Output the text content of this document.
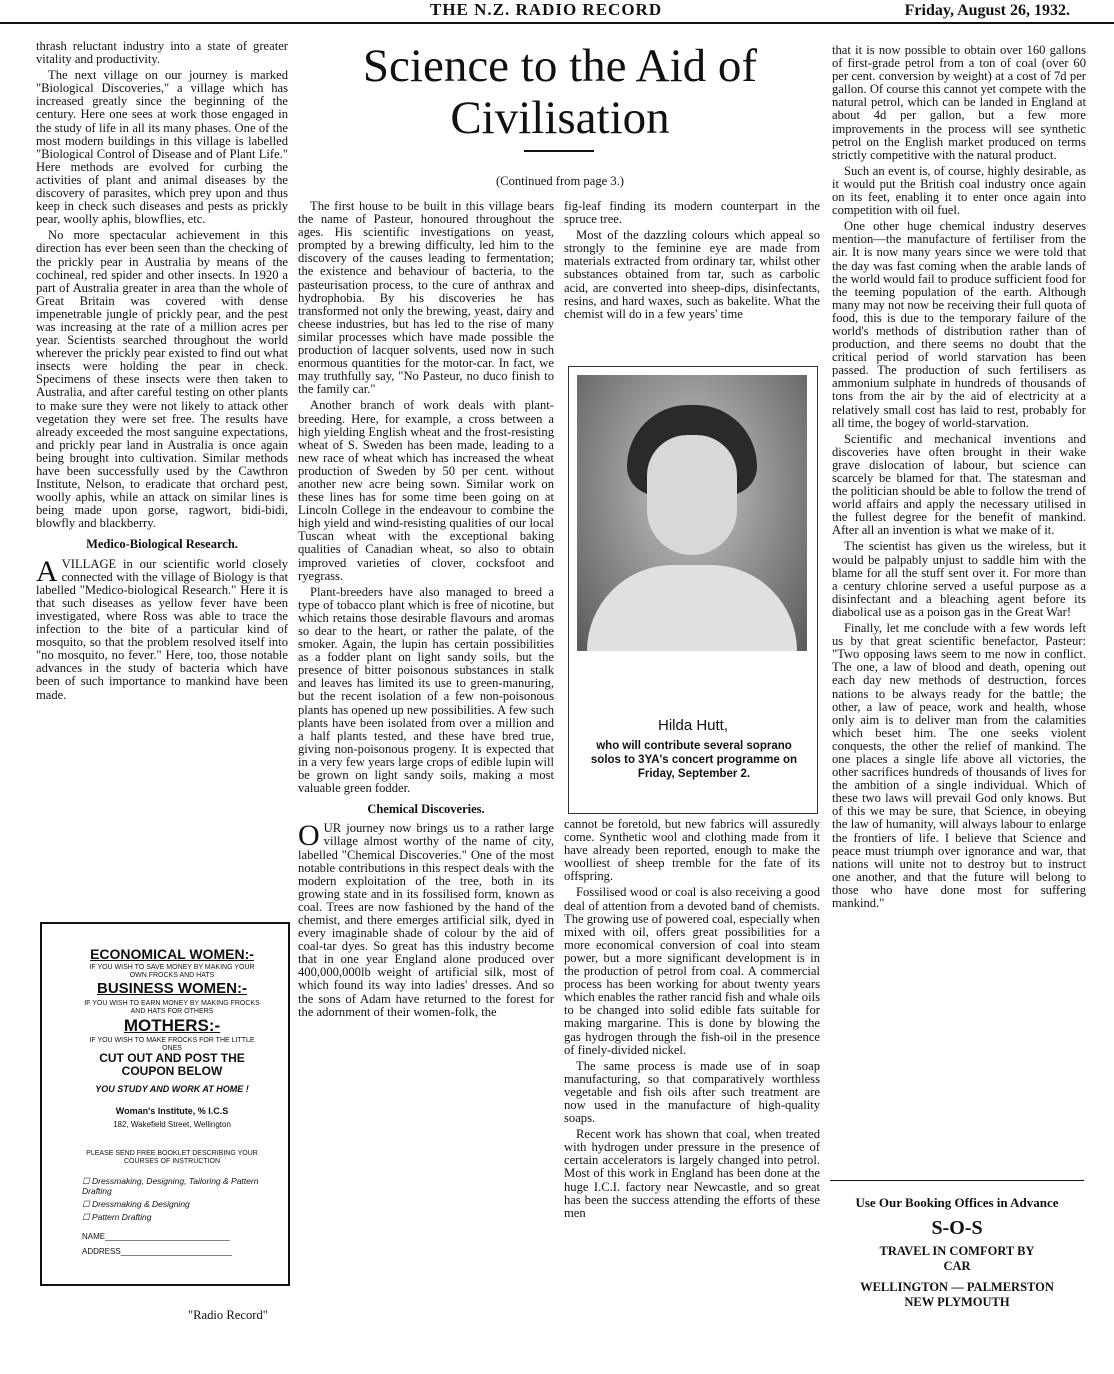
THE N.Z. RADIO RECORD	Friday, August 26, 1932.

thrash reluctant industry into a state of greater vitality and productivity.

The next village on our journey is marked "Biological Discoveries," a village which has increased greatly since the beginning of the century. Here one sees at work those engaged in the study of life in all its many phases. One of the most modern buildings in this village is labelled "Biological Control of Disease and of Plant Life." Here methods are evolved for curbing the activities of plant and animal diseases by the discovery of parasites, which prey upon and thus keep in check such diseases and pests as prickly pear, woolly aphis, blowflies, etc.

No more spectacular achievement in this direction has ever been seen than the checking of the prickly pear in Australia by means of the cochineal, red spider and other insects. In 1920 a part of Australia greater in area than the whole of Great Britain was covered with dense impenetrable jungle of prickly pear, and the pest was increasing at the rate of a million acres per year. Scientists searched throughout the world wherever the prickly pear existed to find out what insects were holding the pear in check. Specimens of these insects were then taken to Australia, and after careful testing on other plants to make sure they were not likely to attack other vegetation they were set free. The results have already exceeded the most sanguine expectations, and prickly pear land in Australia is once again being brought into cultivation. Similar methods have been successfully used by the Cawthron Institute, Nelson, to eradicate that orchard pest, woolly aphis, while an attack on similar lines is being made upon gorse, ragwort, bidi-bidi, blowfly and blackberry.

Medico-Biological Research.

AVILLAGE in our scientific world closely connected with the village of Biology is that labelled "Medico-biological Research." Here it is that such diseases as yellow fever have been investigated, where Ross was able to trace the infection to the bite of a particular kind of mosquito, so that the problem resolved itself into "no mosquito, no fever." Here, too, those notable advances in the study of bacteria which have been of such importance to mankind have been made.

ECONOMICAL WOMEN:-
IF YOU WISH TO SAVE MONEY BY MAKING YOUR OWN FROCKS AND HATS
BUSINESS WOMEN:-
IF YOU WISH TO EARN MONEY BY MAKING FROCKS AND HATS FOR OTHERS
MOTHERS:-
IF YOU WISH TO MAKE FROCKS FOR THE LITTLE ONES
CUT OUT AND POST THE COUPON BELOW
YOU STUDY AND WORK AT HOME !
Woman's Institute, % I.C.S
182, Wakefield Street, Wellington
PLEASE SEND FREE BOOKLET DESCRIBING YOUR COURSES OF INSTRUCTION
☐ Dressmaking, Designing, Tailoring & Pattern Drafting
☐ Dressmaking & Designing
☐ Pattern Drafting
NAME____________________________
ADDRESS_________________________
"Radio Record"
Science to the Aid of
Civilisation
(Continued from page 3.)

The first house to be built in this village bears the name of Pasteur, honoured throughout the ages. His scientific investigations on yeast, prompted by a brewing difficulty, led him to the discovery of the causes leading to fermentation; the existence and behaviour of bacteria, to the pasteurisation process, to the cure of anthrax and hydrophobia. By his discoveries he has transformed not only the brewing, yeast, dairy and cheese industries, but has led to the rise of many similar processes which have made possible the production of lacquer solvents, used now in such enormous quantities for the motor-car. In fact, we may truthfully say, "No Pasteur, no duco finish to the family car."

Another branch of work deals with plant-breeding. Here, for example, a cross between a high yielding English wheat and the frost-resisting wheat of S. Sweden has been made, leading to a new race of wheat which has increased the wheat production of Sweden by 50 per cent. without another new acre being sown. Similar work on these lines has for some time been going on at Lincoln College in the endeavour to combine the high yield and wind-resisting qualities of our local Tuscan wheat with the exceptional baking qualities of Canadian wheat, so also to obtain improved varieties of clover, cocksfoot and ryegrass.

Plant-breeders have also managed to breed a type of tobacco plant which is free of nicotine, but which retains those desirable flavours and aromas so dear to the heart, or rather the palate, of the smoker. Again, the lupin has certain possibilities as a fodder plant on light sandy soils, but the presence of bitter poisonous substances in stalk and leaves has limited its use to green-manuring, but the recent isolation of a few non-poisonous plants has opened up new possibilities. A few such plants have been isolated from over a million and a half plants tested, and these have bred true, giving non-poisonous progeny. It is expected that in a very few years large crops of edible lupin will be grown on light sandy soils, making a most valuable green fodder.

Chemical Discoveries.

OUR journey now brings us to a rather large village almost worthy of the name of city, labelled "Chemical Discoveries." One of the most notable contributions in this respect deals with the modern exploitation of the tree, both in its growing state and in its fossilised form, known as coal. Trees are now fashioned by the hand of the chemist, and there emerges artificial silk, dyed in every imaginable shade of colour by the aid of coal-tar dyes. So great has this industry become that in one year England alone produced over 400,000,000lb weight of artificial silk, most of which found its way into ladies' dresses. And so the sons of Adam have returned to the forest for the adornment of their women-folk, the

fig-leaf finding its modern counterpart in the spruce tree.

Most of the dazzling colours which appeal so strongly to the feminine eye are made from materials extracted from ordinary tar, whilst other substances obtained from tar, such as carbolic acid, are converted into sheep-dips, disinfectants, resins, and hard waxes, such as bakelite. What the chemist will do in a few years' time

Hilda Hutt,
who will contribute several soprano solos to 3YA's concert programme on Friday, September 2.

cannot be foretold, but new fabrics will assuredly come. Synthetic wool and clothing made from it have already been reported, enough to make the woolliest of sheep tremble for the fate of its offspring.

Fossilised wood or coal is also receiving a good deal of attention from a devoted band of chemists. The growing use of powered coal, especially when mixed with oil, offers great possibilities for a more economical conversion of coal into steam power, but a more significant development is in the production of petrol from coal. A commercial process has been working for about twenty years which enables the rather rancid fish and whale oils to be changed into solid edible fats suitable for making margarine. This is done by blowing the gas hydrogen through the fish-oil in the presence of finely-divided nickel.

The same process is made use of in soap manufacturing, so that comparatively worthless vegetable and fish oils after such treatment are now used in the manufacture of high-quality soaps.

Recent work has shown that coal, when treated with hydrogen under pressure in the presence of certain accelerators is largely changed into petrol. Most of this work in England has been done at the huge I.C.I. factory near Newcastle, and so great has been the success attending the efforts of these men

that it is now possible to obtain over 160 gallons of first-grade petrol from a ton of coal (over 60 per cent. conversion by weight) at a cost of 7d per gallon. Of course this cannot yet compete with the natural petrol, which can be landed in England at about 4d per gallon, but a few more improvements in the process will see synthetic petrol on the English market produced on terms strictly competitive with the natural product.

Such an event is, of course, highly desirable, as it would put the British coal industry once again on its feet, enabling it to enter once again into competition with oil fuel.

One other huge chemical industry deserves mention—the manufacture of fertiliser from the air. It is now many years since we were told that the day was fast coming when the arable lands of the world would fail to produce sufficient food for the teeming population of the earth. Although many may not now be receiving their full quota of food, this is due to the temporary failure of the world's methods of distribution rather than of production, and there seems no doubt that the critical period of world starvation has been passed. The production of such fertilisers as ammonium sulphate in hundreds of thousands of tons from the air by the aid of electricity at a relatively small cost has laid to rest, probably for all time, the bogey of world-starvation.

Scientific and mechanical inventions and discoveries have often brought in their wake grave dislocation of labour, but science can scarcely be blamed for that. The statesman and the politician should be able to follow the trend of world affairs and apply the necessary utilised in the fullest degree for the benefit of mankind. After all an invention is what we make of it.

The scientist has given us the wireless, but it would be palpably unjust to saddle him with the blame for all the stuff sent over it. For more than a century chlorine served a useful purpose as a disinfectant and a bleaching agent before its diabolical use as a poison gas in the Great War!

Finally, let me conclude with a few words left us by that great scientific benefactor, Pasteur: "Two opposing laws seem to me now in conflict. The one, a law of blood and death, opening out each day new methods of destruction, forces nations to be always ready for the battle; the other, a law of peace, work and health, whose only aim is to deliver man from the calamities which beset him. The one seeks violent conquests, the other the relief of mankind. The one places a single life above all victories, the other sacrifices hundreds of thousands of lives for the ambition of a single individual. Which of these two laws will prevail God only knows. But of this we may be sure, that Science, in obeying the law of humanity, will always labour to enlarge the frontiers of life. I believe that Science and peace must triumph over ignorance and war, that nations will unite not to destroy but to instruct one another, and that the future will belong to those who have done most for suffering mankind."

Use Our Booking Offices in Advance
S-O-S
TRAVEL IN COMFORT BY
CAR
WELLINGTON — PALMERSTON
NEW PLYMOUTH
